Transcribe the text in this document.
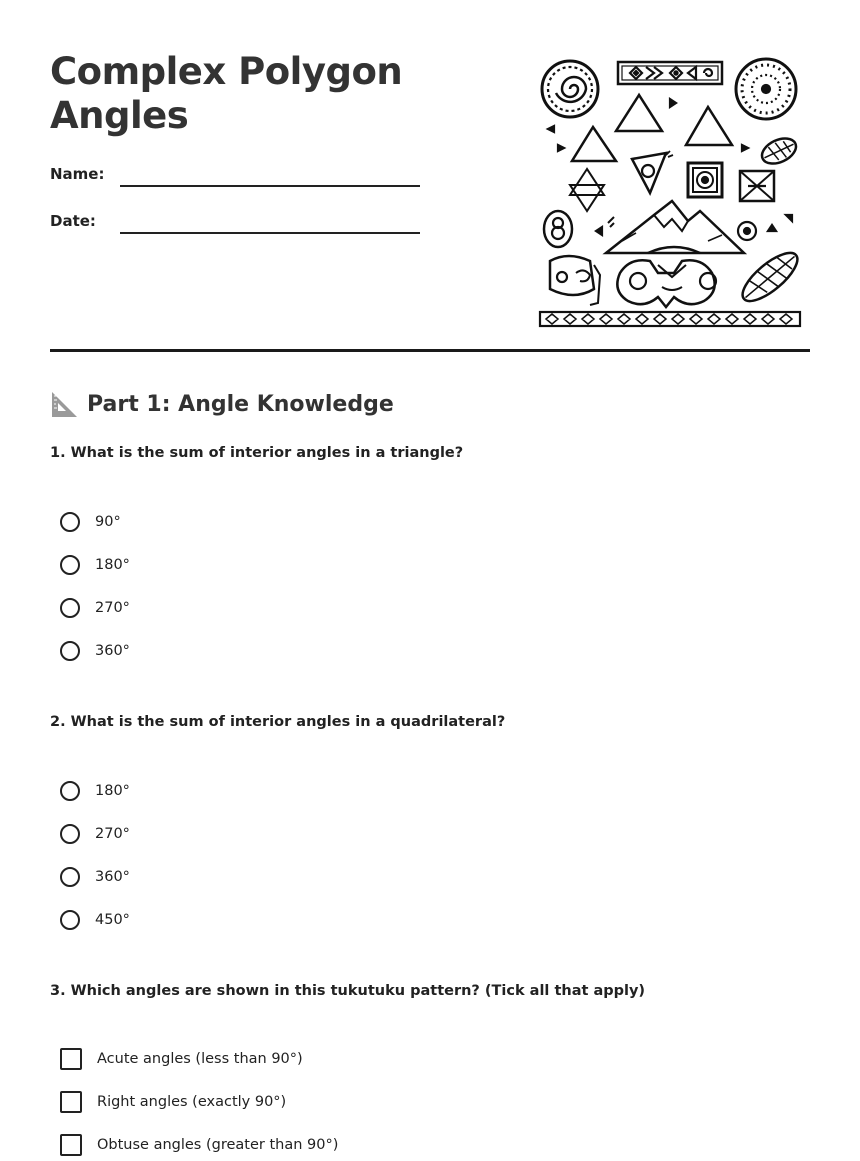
Complex Polygon Angles
Name:
Date:
Part 1: Angle Knowledge
1. What is the sum of interior angles in a triangle?
90°
180°
270°
360°
2. What is the sum of interior angles in a quadrilateral?
180°
270°
360°
450°
3. Which angles are shown in this tukutuku pattern? (Tick all that apply)
Acute angles (less than 90°)
Right angles (exactly 90°)
Obtuse angles (greater than 90°)
